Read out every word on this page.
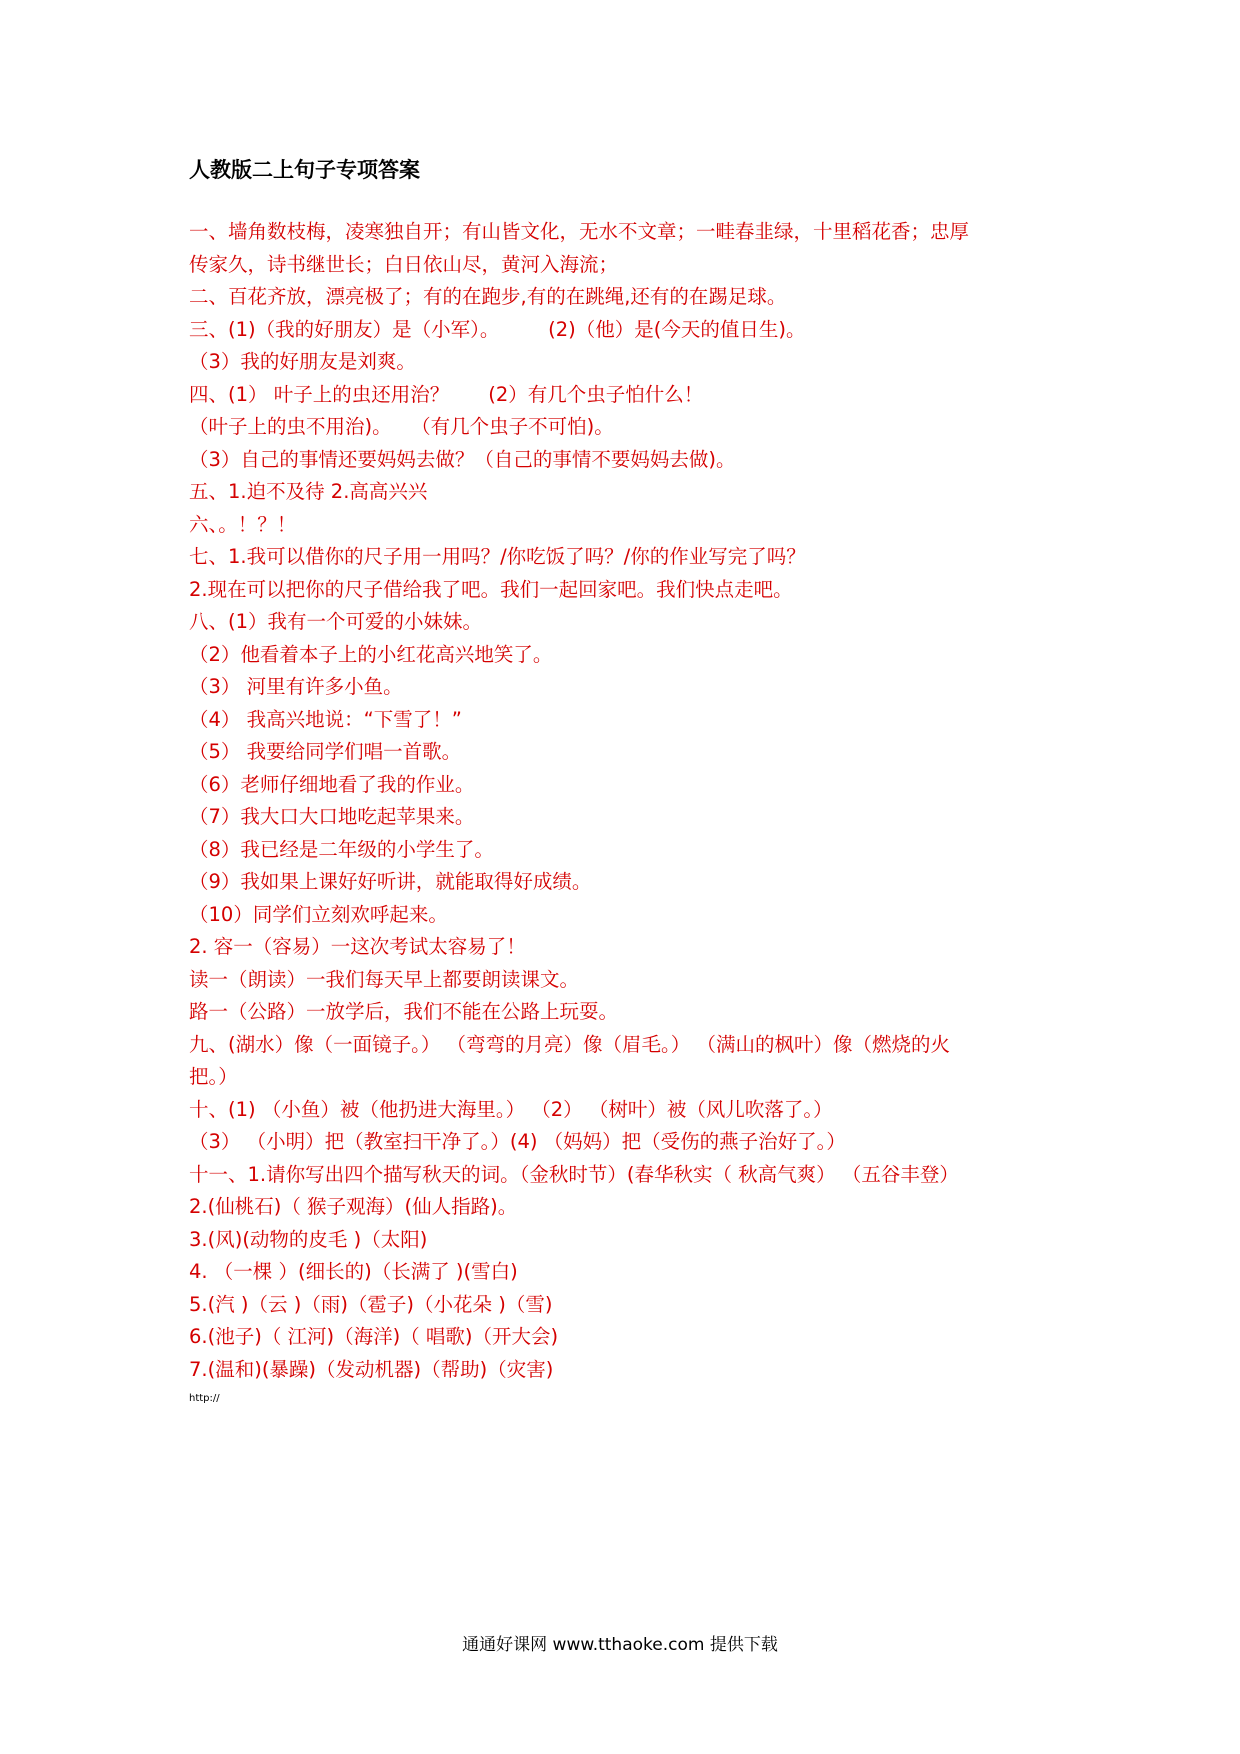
人教版二上句子专项答案
一、墙角数枝梅，凌寒独自开；有山皆文化，无水不文章；一畦春韭绿，十里稻花香；忠厚
传家久，诗书继世长；白日依山尽，黄河入海流；
二、百花齐放，漂亮极了；有的在跑步,有的在跳绳,还有的在踢足球。
三、(1)（我的好朋友）是（小军）。　　　(2)（他）是(今天的值日生)。
（3）我的好朋友是刘爽。
四、(1） 叶子上的虫还用治？　　(2）有几个虫子怕什么！
（叶子上的虫不用治)。　　（有几个虫子不可怕)。
（3）自己的事情还要妈妈去做？（自己的事情不要妈妈去做)。
五、1.迫不及待 2.高高兴兴
六、。！？！
七、1.我可以借你的尺子用一用吗？/你吃饭了吗？/你的作业写完了吗？
2.现在可以把你的尺子借给我了吧。我们一起回家吧。我们快点走吧。
八、(1）我有一个可爱的小妹妹。
（2）他看着本子上的小红花高兴地笑了。
（3） 河里有许多小鱼。
（4） 我高兴地说：“下雪了！”
（5） 我要给同学们唱一首歌。
（6）老师仔细地看了我的作业。
（7）我大口大口地吃起苹果来。
（8）我已经是二年级的小学生了。
（9）我如果上课好好听讲，就能取得好成绩。
（10）同学们立刻欢呼起来。
2. 容一（容易）一这次考试太容易了！
读一（朗读）一我们每天早上都要朗读课文。
路一（公路）一放学后，我们不能在公路上玩耍。
九、(湖水）像（一面镜子。） （弯弯的月亮）像（眉毛。） （满山的枫叶）像（燃烧的火
把。）
十、(1) （小鱼）被（他扔进大海里。） （2） （树叶）被（风儿吹落了。）
（3） （小明）把（教室扫干净了。）(4) （妈妈）把（受伤的燕子治好了。）
十一、1.请你写出四个描写秋天的词。（金秋时节）(春华秋实（ 秋高气爽） （五谷丰登）
2.(仙桃石)（ 猴子观海）(仙人指路)。
3.(风)(动物的皮毛 )（太阳)
4. （一棵 ）(细长的)（长满了 )(雪白)
5.(汽 )（云 )（雨)（雹子)（小花朵 )（雪)
6.(池子)（ 江河)（海洋)（ 唱歌)（开大会)
7.(温和)(暴躁)（发动机器)（帮助)（灾害)
http://
通通好课网 www.tthaoke.com 提供下载
